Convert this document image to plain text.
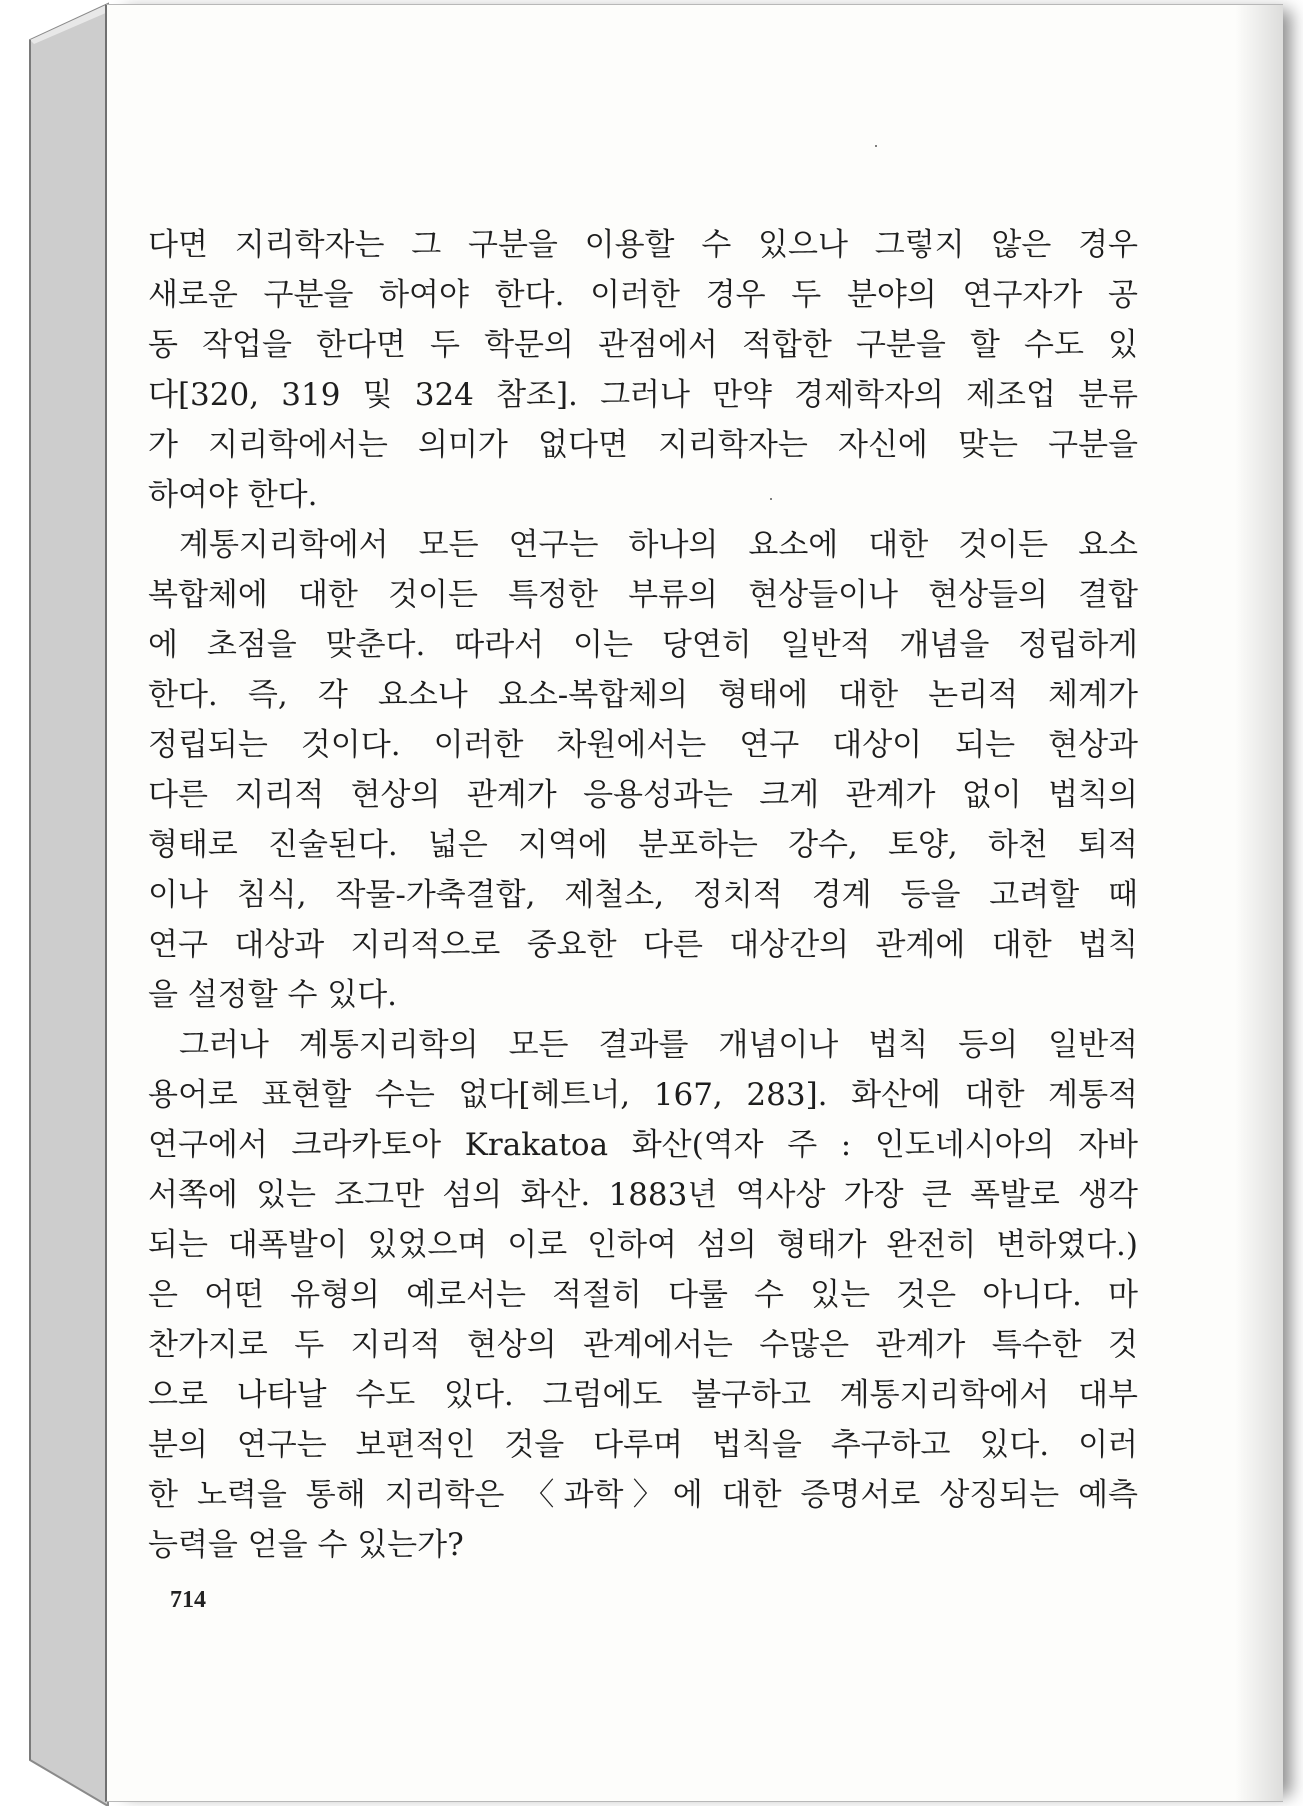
다면 지리학자는 그 구분을 이용할 수 있으나 그렇지 않은 경우
새로운 구분을 하여야 한다. 이러한 경우 두 분야의 연구자가 공
동 작업을 한다면 두 학문의 관점에서 적합한 구분을 할 수도 있
다[320, 319 및 324 참조]. 그러나 만약 경제학자의 제조업 분류
가 지리학에서는 의미가 없다면 지리학자는 자신에 맞는 구분을
하여야 한다.
계통지리학에서 모든 연구는 하나의 요소에 대한 것이든 요소
복합체에 대한 것이든 특정한 부류의 현상들이나 현상들의 결합
에 초점을 맞춘다. 따라서 이는 당연히 일반적 개념을 정립하게
한다. 즉, 각 요소나 요소-복합체의 형태에 대한 논리적 체계가
정립되는 것이다. 이러한 차원에서는 연구 대상이 되는 현상과
다른 지리적 현상의 관계가 응용성과는 크게 관계가 없이 법칙의
형태로 진술된다. 넓은 지역에 분포하는 강수, 토양, 하천 퇴적
이나 침식, 작물-가축결합, 제철소, 정치적 경계 등을 고려할 때
연구 대상과 지리적으로 중요한 다른 대상간의 관계에 대한 법칙
을 설정할 수 있다.
그러나 계통지리학의 모든 결과를 개념이나 법칙 등의 일반적
용어로 표현할 수는 없다[헤트너, 167, 283]. 화산에 대한 계통적
연구에서 크라카토아 Krakatoa 화산(역자 주 : 인도네시아의 자바
서쪽에 있는 조그만 섬의 화산. 1883년 역사상 가장 큰 폭발로 생각
되는 대폭발이 있었으며 이로 인하여 섬의 형태가 완전히 변하였다.)
은 어떤 유형의 예로서는 적절히 다룰 수 있는 것은 아니다. 마
찬가지로 두 지리적 현상의 관계에서는 수많은 관계가 특수한 것
으로 나타날 수도 있다. 그럼에도 불구하고 계통지리학에서 대부
분의 연구는 보편적인 것을 다루며 법칙을 추구하고 있다. 이러
한 노력을 통해 지리학은 〈과학〉에 대한 증명서로 상징되는 예측
능력을 얻을 수 있는가?
714
